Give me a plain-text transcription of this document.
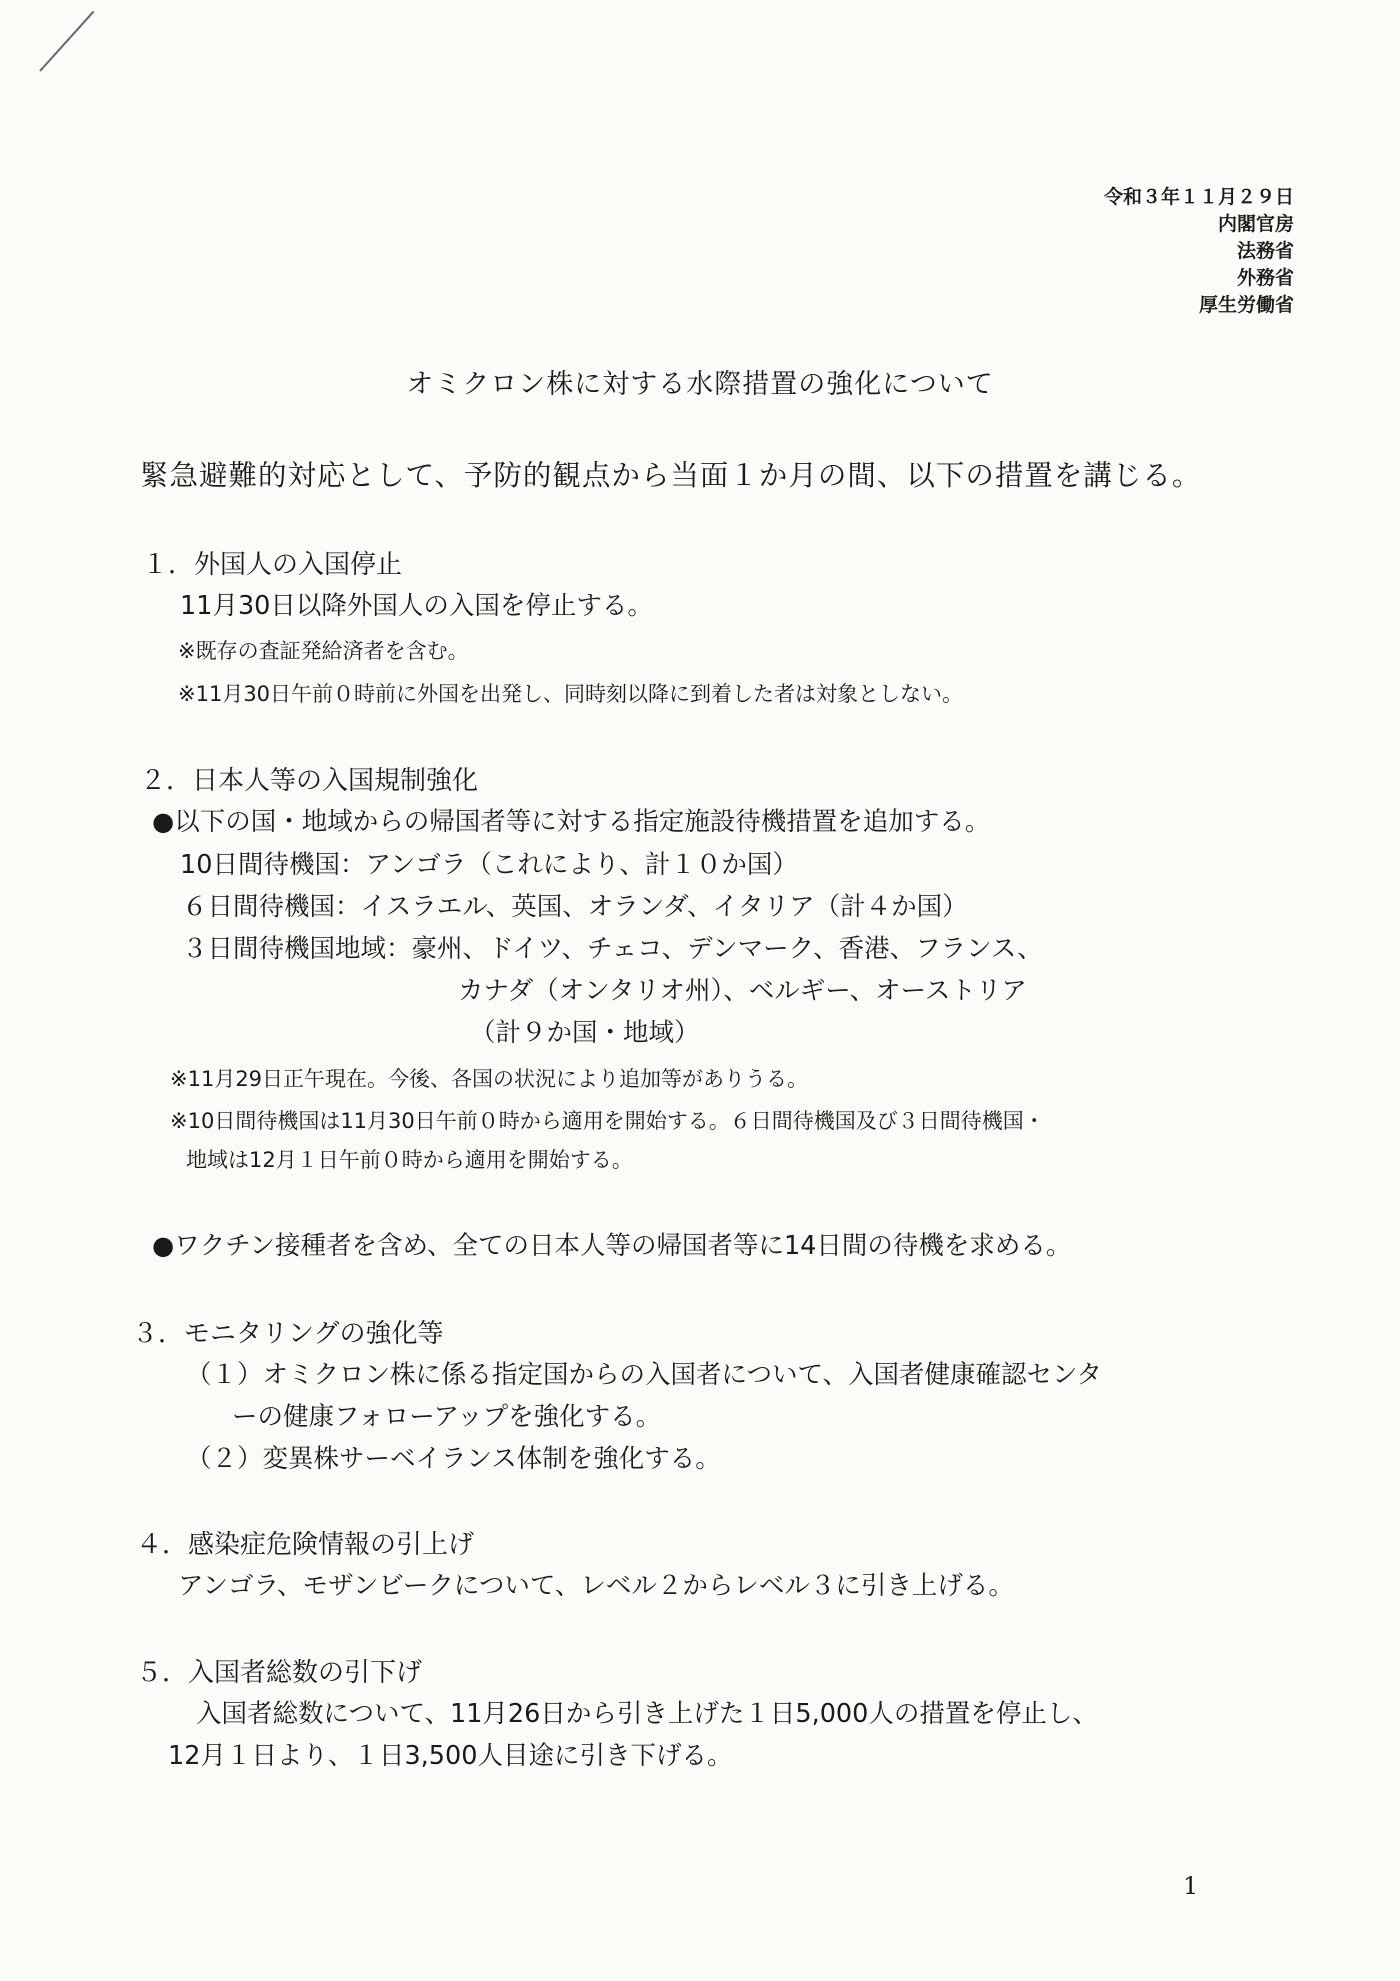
令和３年１１月２９日
内閣官房
法務省
外務省
厚生労働省
オミクロン株に対する水際措置の強化について
緊急避難的対応として、予防的観点から当面１か月の間、以下の措置を講じる。
１．外国人の入国停止
11月30日以降外国人の入国を停止する。
※既存の査証発給済者を含む。
※11月30日午前０時前に外国を出発し、同時刻以降に到着した者は対象としない。
２．日本人等の入国規制強化
●以下の国・地域からの帰国者等に対する指定施設待機措置を追加する。
10日間待機国：アンゴラ（これにより、計１０か国）
６日間待機国：イスラエル、英国、オランダ、イタリア（計４か国）
３日間待機国地域：豪州、ドイツ、チェコ、デンマーク、香港、フランス、
カナダ（オンタリオ州）、ベルギー、オーストリア
（計９か国・地域）
※11月29日正午現在。今後、各国の状況により追加等がありうる。
※10日間待機国は11月30日午前０時から適用を開始する。６日間待機国及び３日間待機国・
地域は12月１日午前０時から適用を開始する。
●ワクチン接種者を含め、全ての日本人等の帰国者等に14日間の待機を求める。
３．モニタリングの強化等
（１）オミクロン株に係る指定国からの入国者について、入国者健康確認センタ
ーの健康フォローアップを強化する。
（２）変異株サーベイランス体制を強化する。
４．感染症危険情報の引上げ
アンゴラ、モザンビークについて、レベル２からレベル３に引き上げる。
５．入国者総数の引下げ
入国者総数について、11月26日から引き上げた１日5,000人の措置を停止し、
12月１日より、１日3,500人目途に引き下げる。
1
